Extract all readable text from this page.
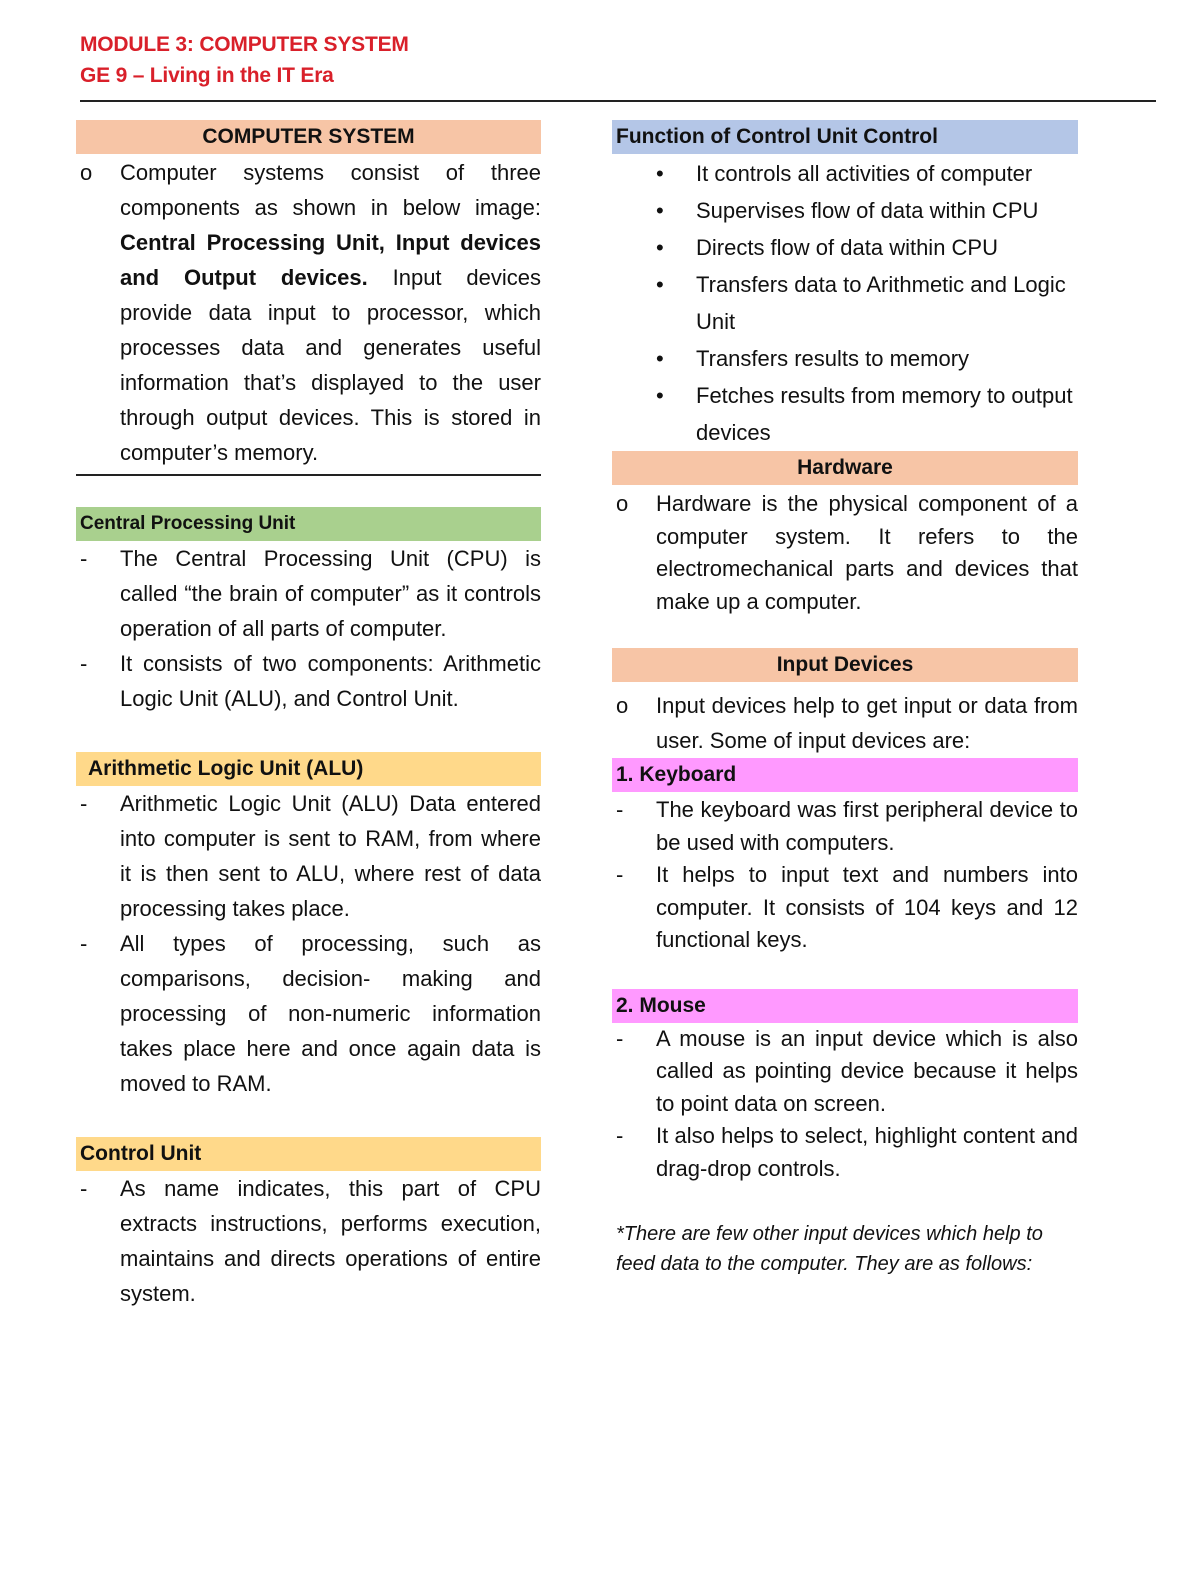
MODULE 3: COMPUTER SYSTEM
GE 9 – Living in the IT Era
COMPUTER SYSTEM
o Computer systems consist of three components as shown in below image: Central Processing Unit, Input devices and Output devices. Input devices provide data input to processor, which processes data and generates useful information that’s displayed to the user through output devices. This is stored in computer’s memory.
Central Processing Unit
- The Central Processing Unit (CPU) is called “the brain of computer” as it controls operation of all parts of computer.
- It consists of two components: Arithmetic Logic Unit (ALU), and Control Unit.
Arithmetic Logic Unit (ALU)
- Arithmetic Logic Unit (ALU) Data entered into computer is sent to RAM, from where it is then sent to ALU, where rest of data processing takes place.
- All types of processing, such as comparisons, decision- making and processing of non-numeric information takes place here and once again data is moved to RAM.
Control Unit
- As name indicates, this part of CPU extracts instructions, performs execution, maintains and directs operations of entire system.
Function of Control Unit Control
• It controls all activities of computer
• Supervises flow of data within CPU
• Directs flow of data within CPU
• Transfers data to Arithmetic and Logic Unit
• Transfers results to memory
• Fetches results from memory to output devices
Hardware
o Hardware is the physical component of a computer system. It refers to the electromechanical parts and devices that make up a computer.
Input Devices
o Input devices help to get input or data from user. Some of input devices are:
1. Keyboard
- The keyboard was first peripheral device to be used with computers.
- It helps to input text and numbers into computer. It consists of 104 keys and 12 functional keys.
2. Mouse
- A mouse is an input device which is also called as pointing device because it helps to point data on screen.
- It also helps to select, highlight content and drag-drop controls.
*There are few other input devices which help to feed data to the computer. They are as follows:
